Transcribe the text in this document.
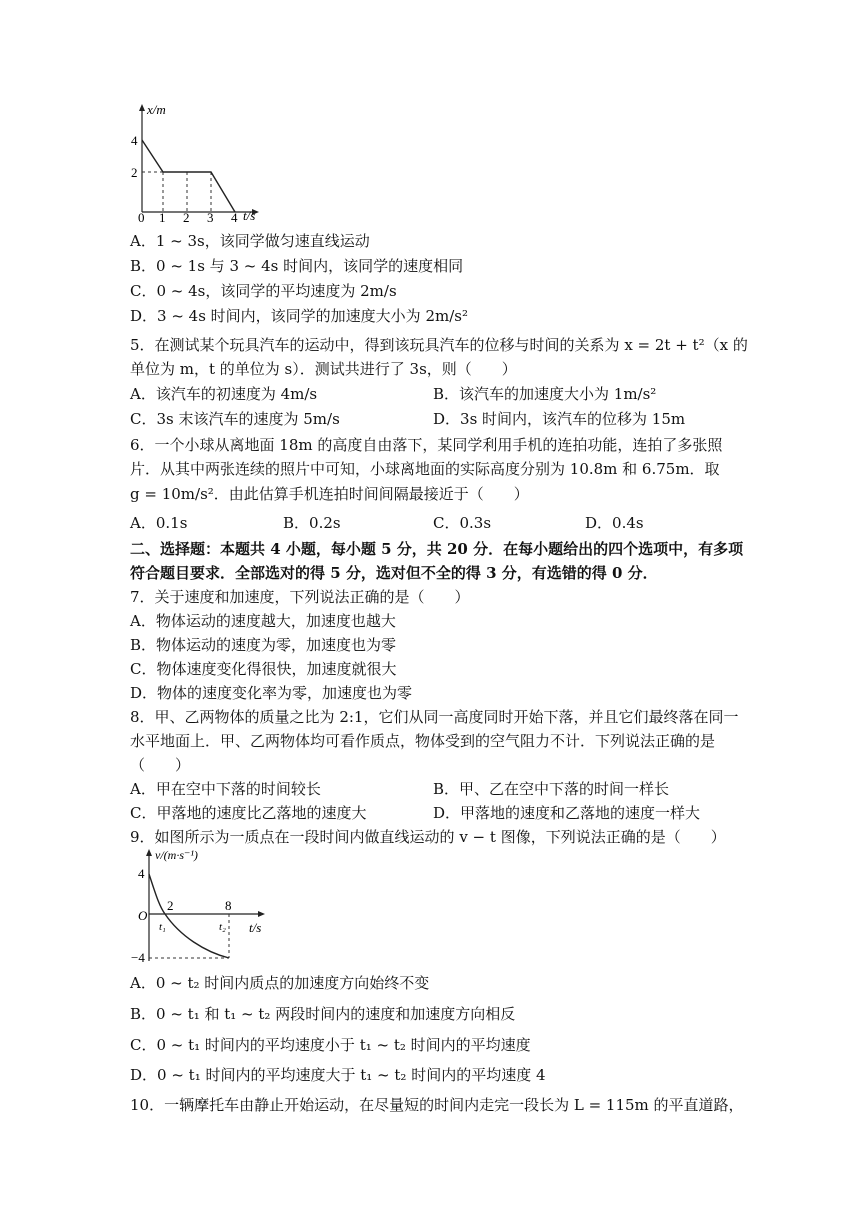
x/m
t/s
4
2
0 1 2 3 4
A．1 ~ 3s，该同学做匀速直线运动
B．0 ~ 1s 与 3 ~ 4s 时间内，该同学的速度相同
C．0 ~ 4s，该同学的平均速度为 2m/s
D．3 ~ 4s 时间内，该同学的加速度大小为 2m/s²
5．在测试某个玩具汽车的运动中，得到该玩具汽车的位移与时间的关系为 x = 2t + t²（x 的
单位为 m，t 的单位为 s）．测试共进行了 3s，则（　　）
A．该汽车的初速度为 4m/s	B．该汽车的加速度大小为 1m/s²
C．3s 末该汽车的速度为 5m/s	D．3s 时间内，该汽车的位移为 15m
6．一个小球从离地面 18m 的高度自由落下，某同学利用手机的连拍功能，连拍了多张照
片．从其中两张连续的照片中可知，小球离地面的实际高度分别为 10.8m 和 6.75m．取
g = 10m/s²．由此估算手机连拍时间间隔最接近于（　　）
A．0.1s	B．0.2s	C．0.3s	D．0.4s
二、选择题：本题共 4 小题，每小题 5 分，共 20 分．在每小题给出的四个选项中，有多项
符合题目要求．全部选对的得 5 分，选对但不全的得 3 分，有选错的得 0 分．
7．关于速度和加速度，下列说法正确的是（　　）
A．物体运动的速度越大，加速度也越大
B．物体运动的速度为零，加速度也为零
C．物体速度变化得很快，加速度就很大
D．物体的速度变化率为零，加速度也为零
8．甲、乙两物体的质量之比为 2:1，它们从同一高度同时开始下落，并且它们最终落在同一
水平地面上．甲、乙两物体均可看作质点，物体受到的空气阻力不计．下列说法正确的是
（　　）
A．甲在空中下落的时间较长	B．甲、乙在空中下落的时间一样长
C．甲落地的速度比乙落地的速度大	D．甲落地的速度和乙落地的速度一样大
9．如图所示为一质点在一段时间内做直线运动的 v − t 图像，下列说法正确的是（　　）
v/(m·s⁻¹)
t/s
O
4
−4
2	8
t₁	t₂
A．0 ~ t₂ 时间内质点的加速度方向始终不变
B．0 ~ t₁ 和 t₁ ~ t₂ 两段时间内的速度和加速度方向相反
C．0 ~ t₁ 时间内的平均速度小于 t₁ ~ t₂ 时间内的平均速度
D．0 ~ t₁ 时间内的平均速度大于 t₁ ~ t₂ 时间内的平均速度 4
10．一辆摩托车由静止开始运动，在尽量短的时间内走完一段长为 L = 115m 的平直道路，
